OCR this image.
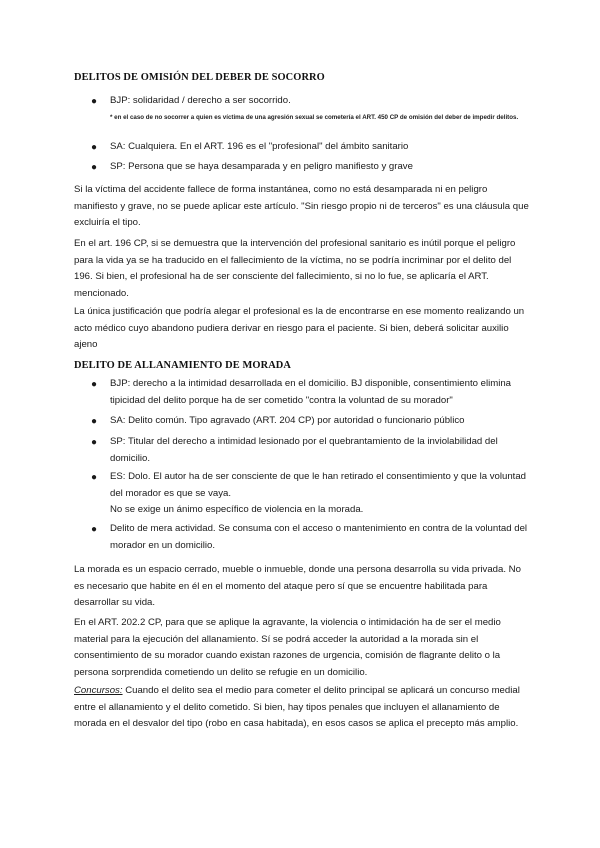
DELITOS DE OMISIÓN DEL DEBER DE SOCORRO
● BJP: solidaridad / derecho a ser socorrido.
* en el caso de no socorrer a quien es víctima de una agresión sexual se cometería el ART. 450 CP de omisión del deber de impedir delitos.
● SA: Cualquiera. En el ART. 196 es el "profesional" del ámbito sanitario
● SP: Persona que se haya desamparada y en peligro manifiesto y grave
Si la víctima del accidente fallece de forma instantánea, como no está desamparada ni en peligro manifiesto y grave, no se puede aplicar este artículo. "Sin riesgo propio ni de terceros" es una cláusula que excluiría el tipo.
En el art. 196 CP, si se demuestra que la intervención del profesional sanitario es inútil porque el peligro para la vida ya se ha traducido en el fallecimiento de la víctima, no se podría incriminar por el delito del 196. Si bien, el profesional ha de ser consciente del fallecimiento, si no lo fue, se aplicaría el ART. mencionado.
La única justificación que podría alegar el profesional es la de encontrarse en ese momento realizando un acto médico cuyo abandono pudiera derivar en riesgo para el paciente. Si bien, deberá solicitar auxilio ajeno
DELITO DE ALLANAMIENTO DE MORADA
● BJP: derecho a la intimidad desarrollada en el domicilio. BJ disponible, consentimiento elimina tipicidad del delito porque ha de ser cometido "contra la voluntad de su morador"
● SA: Delito común. Tipo agravado (ART. 204 CP) por autoridad o funcionario público
● SP: Titular del derecho a intimidad lesionado por el quebrantamiento de la inviolabilidad del domicilio.
● ES: Dolo. El autor ha de ser consciente de que le han retirado el consentimiento y que la voluntad del morador es que se vaya.
No se exige un ánimo específico de violencia en la morada.
● Delito de mera actividad. Se consuma con el acceso o mantenimiento en contra de la voluntad del morador en un domicilio.
La morada es un espacio cerrado, mueble o inmueble, donde una persona desarrolla su vida privada. No es necesario que habite en él en el momento del ataque pero sí que se encuentre habilitada para desarrollar su vida.
En el ART. 202.2 CP, para que se aplique la agravante, la violencia o intimidación ha de ser el medio material para la ejecución del allanamiento. Sí se podrá acceder la autoridad a la morada sin el consentimiento de su morador cuando existan razones de urgencia, comisión de flagrante delito o la persona sorprendida cometiendo un delito se refugie en un domicilio.
Concursos: Cuando el delito sea el medio para cometer el delito principal se aplicará un concurso medial entre el allanamiento y el delito cometido. Si bien, hay tipos penales que incluyen el allanamiento de morada en el desvalor del tipo (robo en casa habitada), en esos casos se aplica el precepto más amplio.
